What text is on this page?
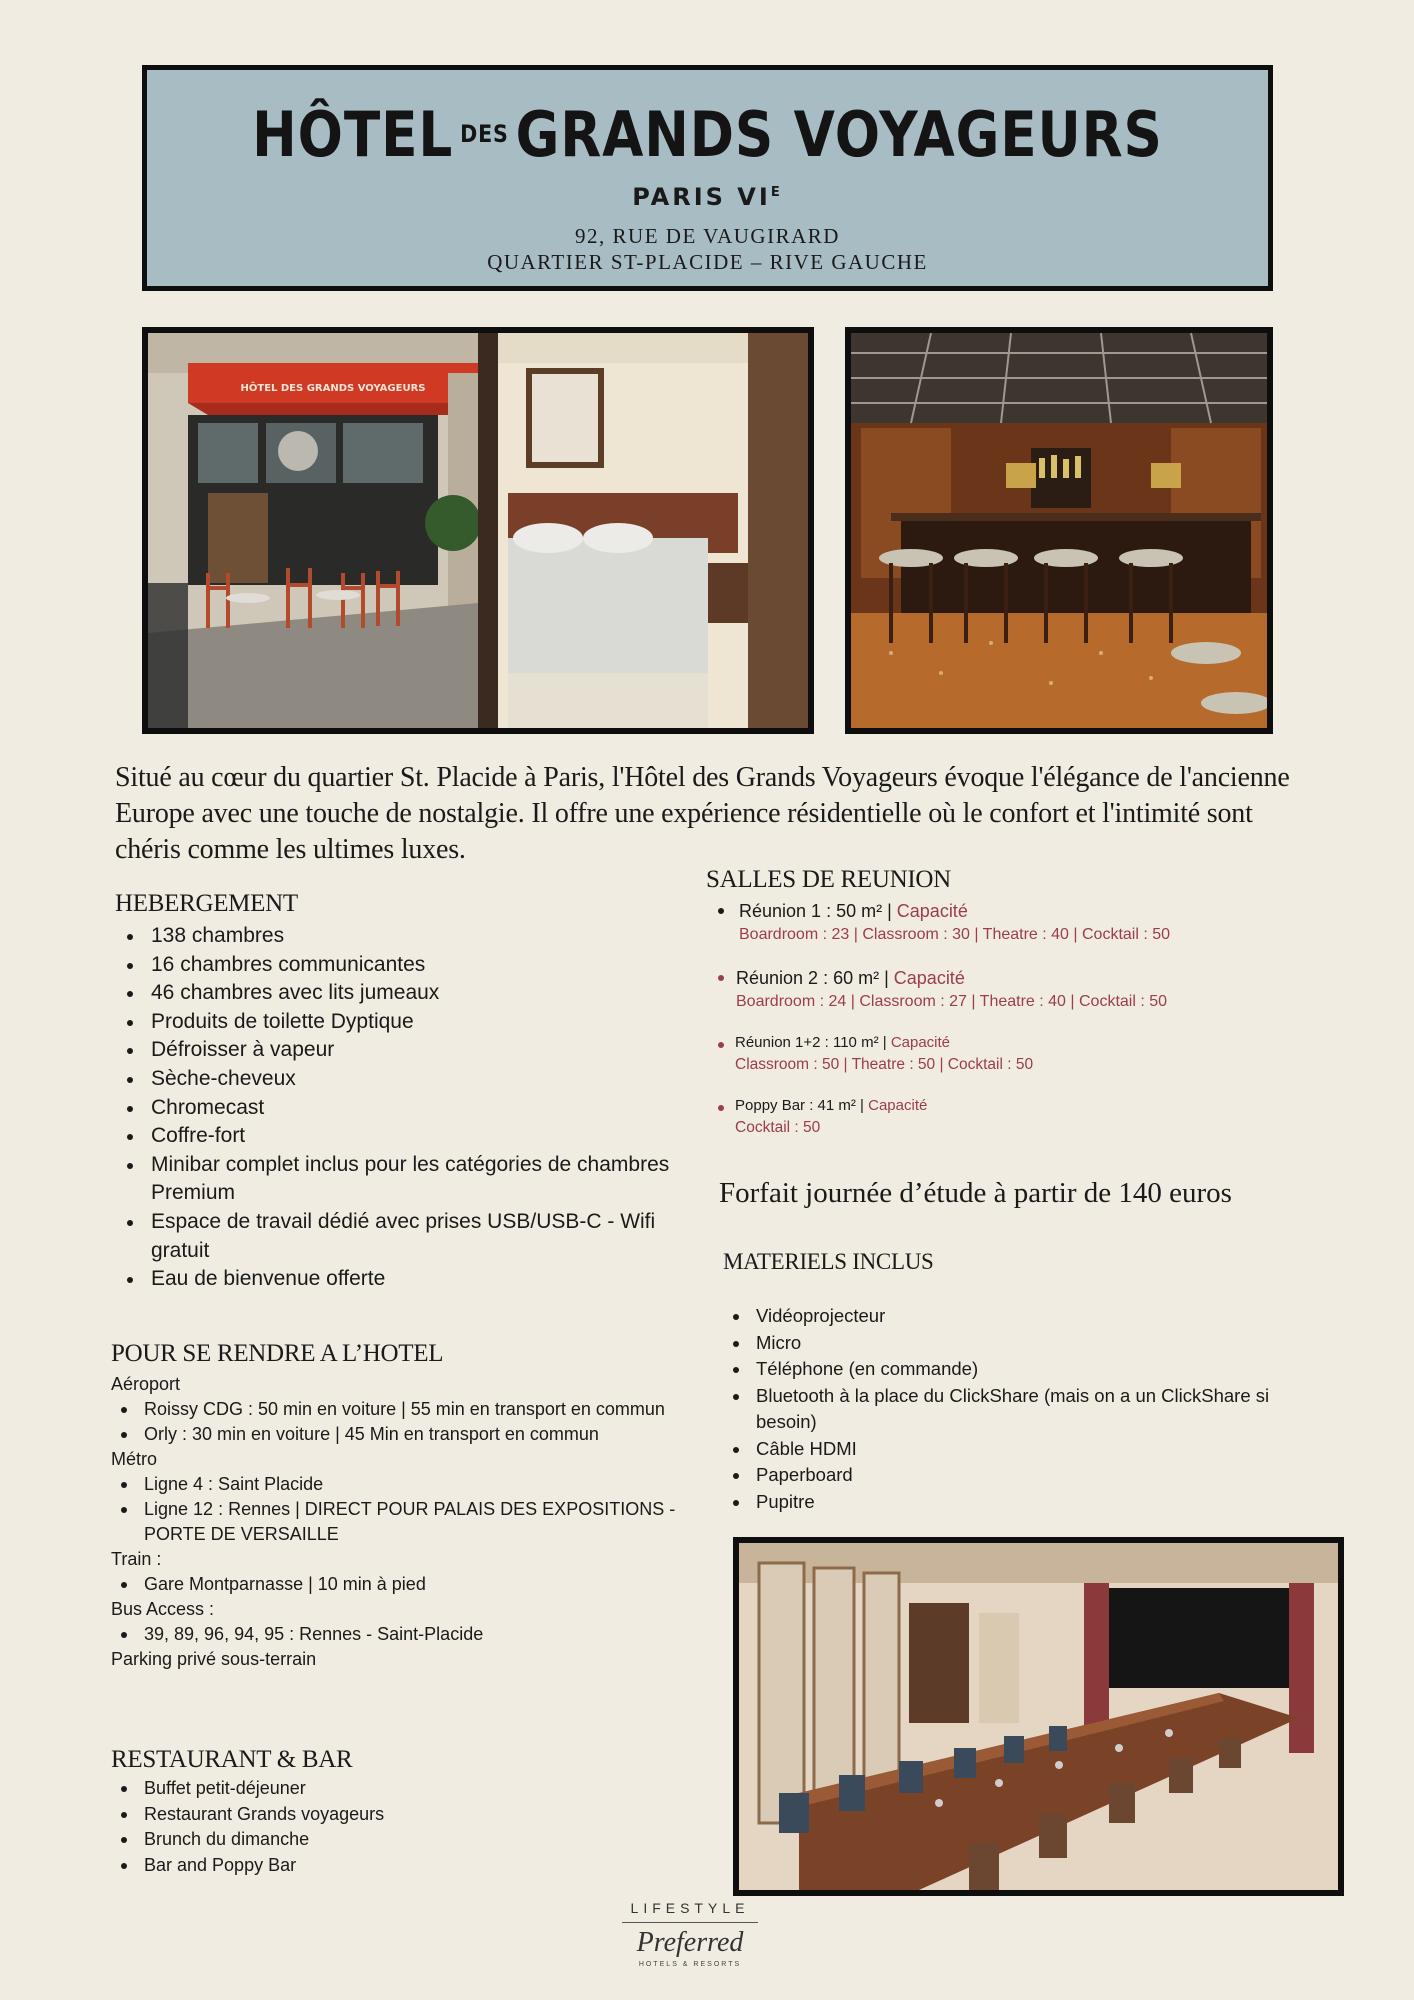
HÔTEL $^{DES}$ GRANDS VOYAGEURS
PARIS $VI^E$
92, RUE DE VAUGIRARD
QUARTIER ST-PLACIDE – RIVE GAUCHE
HÔTEL DES GRANDS VOYAGEURS

Situé au cœur du quartier St. Placide à Paris, l'Hôtel des Grands Voyageurs évoque l'élégance de l'ancienne Europe avec une touche de nostalgie. Il offre une expérience résidentielle où le confort et l'intimité sont chéris comme les ultimes luxes.

HEBERGEMENT
138 chambres
16 chambres communicantes
46 chambres avec lits jumeaux
Produits de toilette Dyptique
Défroisser à vapeur
Sèche-cheveux
Chromecast
Coffre-fort
Minibar complet inclus pour les catégories de chambres Premium
Espace de travail dédié avec prises USB/USB-C - Wifi gratuit
Eau de bienvenue offerte
POUR SE RENDRE A L’HOTEL
Aéroport
Roissy CDG : 50 min en voiture | 55 min en transport en commun
Orly : 30 min en voiture | 45 Min en transport en commun
Métro
Ligne 4 : Saint Placide
Ligne 12 : Rennes | DIRECT POUR PALAIS DES EXPOSITIONS - PORTE DE VERSAILLE
Train :
Gare Montparnasse | 10 min à pied
Bus Access :
39, 89, 96, 94, 95 : Rennes - Saint-Placide
Parking privé sous-terrain
RESTAURANT & BAR
Buffet petit-déjeuner
Restaurant Grands voyageurs
Brunch du dimanche
Bar and Poppy Bar
SALLES DE REUNION
Réunion 1 : 50 m² | Capacité
Boardroom : 23 | Classroom : 30 | Theatre : 40 | Cocktail : 50
Réunion 2 : 60 m² | Capacité
Boardroom : 24 | Classroom : 27 | Theatre : 40 | Cocktail : 50
Réunion 1+2 : 110 m² | Capacité
Classroom : 50 | Theatre : 50 | Cocktail : 50
Poppy Bar : 41 m² | Capacité
Cocktail : 50
Forfait journée d’étude à partir de 140 euros
MATERIELS INCLUS
Vidéoprojecteur
Micro
Téléphone (en commande)
Bluetooth à la place du ClickShare (mais on a un ClickShare si besoin)
Câble HDMI
Paperboard
Pupitre
LIFESTYLE
Preferred
HOTELS & RESORTS
